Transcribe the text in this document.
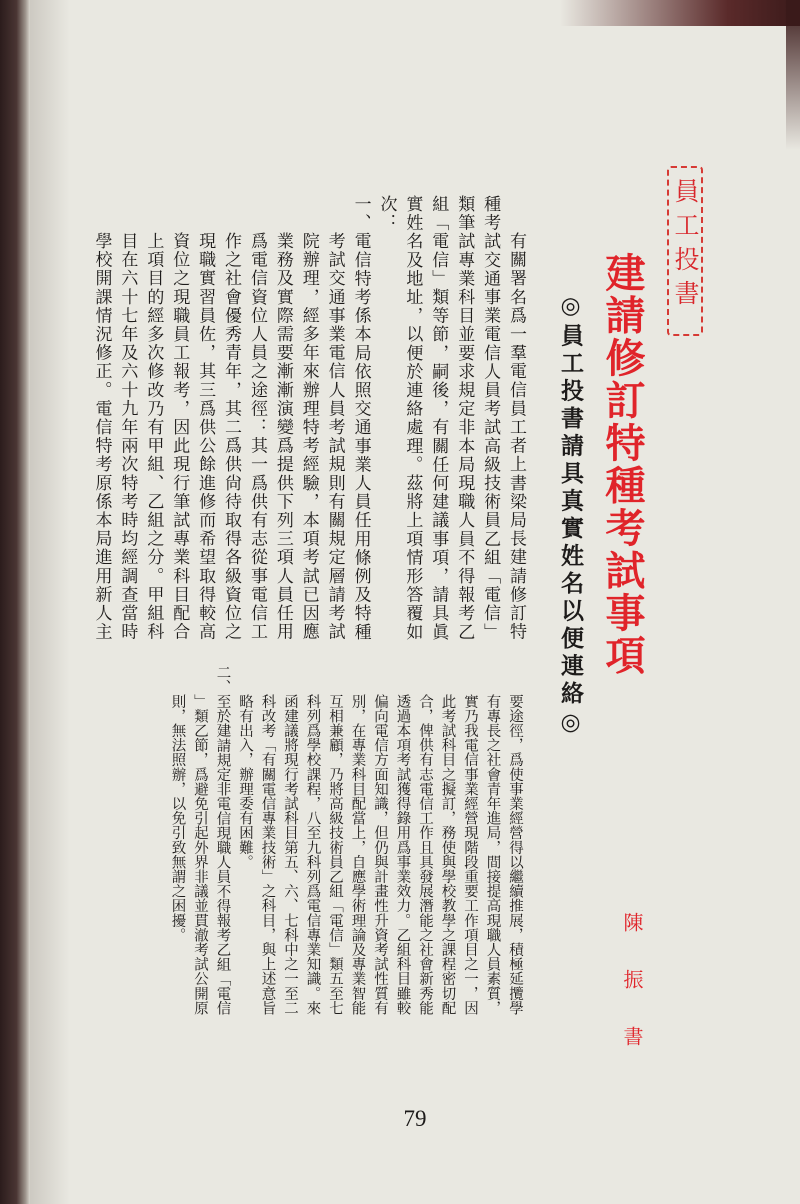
員工投書
建請修訂特種考試事項
◎員工投書請具真實姓名以便連絡◎
陳振書
有關署名爲一羣電信員工者上書梁局長建請修訂特
種考試交通事業電信人員考試高級技術員乙組「電信」
類筆試專業科目並要求規定非本局現職人員不得報考乙
組「電信」類等節，嗣後，有關任何建議事項，請具眞
實姓名及地址，以便於連絡處理。茲將上項情形答覆如
次：
一、電信特考係本局依照交通事業人員任用條例及特種
考試交通事業電信人員考試規則有關規定層請考試
院辦理，經多年來辦理特考經驗，本項考試已因應
業務及實際需要漸漸演變爲提供下列三項人員任用
爲電信資位人員之途徑：其一爲供有志從事電信工
作之社會優秀青年，其二爲供尙待取得各級資位之
現職實習員佐，其三爲供公餘進修而希望取得較高
資位之現職員工報考，因此現行筆試專業科目配合
上項目的經多次修改乃有甲組、乙組之分。甲組科
目在六十七年及六十九年兩次特考時均經調查當時
學校開課情況修正。電信特考原係本局進用新人主
要途徑，爲使事業經營得以繼續推展，積極延攬學
有專長之社會青年進局，間接提高現職人員素質，
實乃我電信事業經營現階段重要工作項目之一，因
此考試科目之擬訂，務使與學校教學之課程密切配
合，俾供有志電信工作且具發展潛能之社會新秀能
透過本項考試獲得錄用爲事業效力。乙組科目雖較
偏向電信方面知識，但仍與計畫性升資考試性質有
別，在專業科目配當上，自應學術理論及專業智能
互相兼顧，乃將高級技術員乙組「電信」類五至七
科列爲學校課程，八至九科列爲電信專業知識。來
函建議將現行考試科目第五、六、七科中之一至二
科改考「有關電信專業技術」之科目，與上述意旨
略有出入，辦理委有困難。
二、至於建請規定非電信現職人員不得報考乙組「電信
」類乙節，爲避免引起外界非議並貫澈考試公開原
則，無法照辦，以免引致無謂之困擾。
79
